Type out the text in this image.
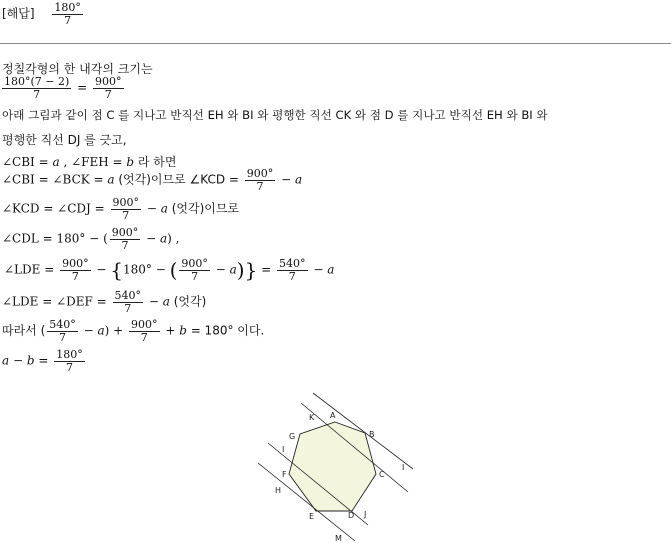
[해답] $\frac{180^\circ}{7}$
정칠각형의 한 내각의 크기는
$\frac{180^\circ(7 - 2)}{7} = \frac{900^\circ}{7}$
아래 그림과 같이 점 C 를 지나고 반직선 EH 와 BI 와 평행한 직선 CK 와 점 D 를 지나고 반직선 EH 와 BI 와
평행한 직선 DJ 를 긋고,
∠CBI = a , ∠FEH = b 라 하면
∠CBI = ∠BCK = a (엇각)이므로 ∠KCD = $\frac{900^\circ}{7} - a$
∠KCD = ∠CDJ = $\frac{900^\circ}{7} - a$ (엇각)이므로
∠CDL = 180° − ( $\frac{900^\circ}{7} - a$) ,
∠LDE = $\frac{900^\circ}{7} - \{180^\circ$ − ( $\frac{900^\circ}{7} - a)\} = \frac{540^\circ}{7} - a$
∠LDE = ∠DEF = $\frac{540^\circ}{7} - a$ (엇각)
따라서 ( $\frac{540^\circ}{7} - a) + \frac{900^\circ}{7} + b = 180^\circ$ 이다.
$a - b = \frac{180^\circ}{7}$
A
B
C
D
E
F
G
K
I
H
I
J
M
